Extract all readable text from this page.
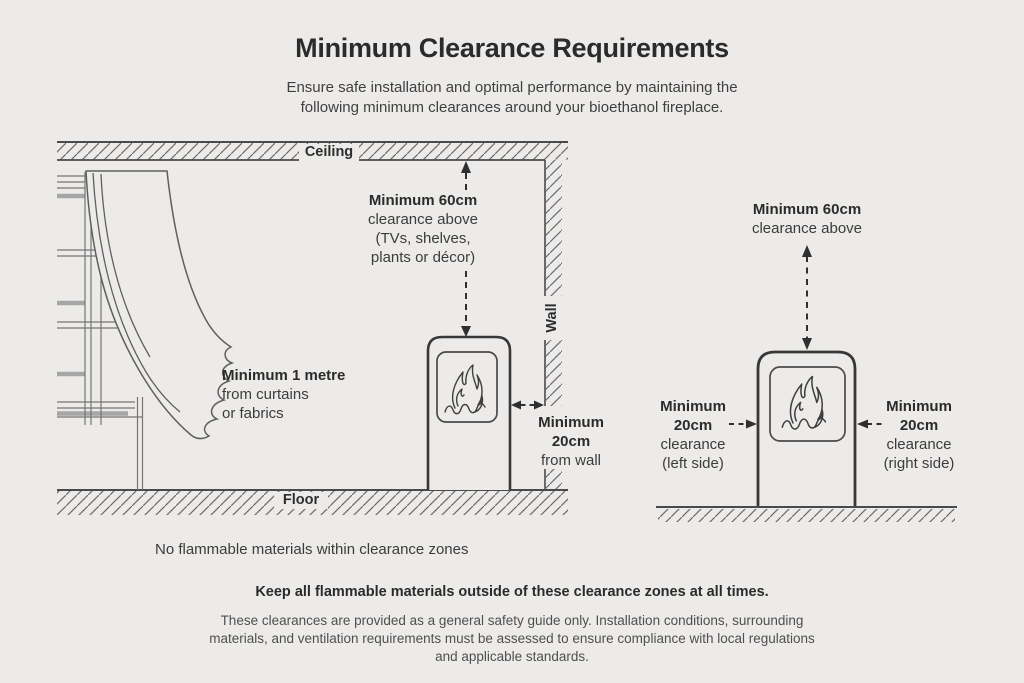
Minimum Clearance Requirements
Ensure safe installation and optimal performance by maintaining the
following minimum clearances around your bioethanol fireplace.
Ceiling
Wall
Floor
Minimum 60cm
clearance above
(TVs, shelves,
plants or décor)
Minimum 1 metre
from curtains
or fabrics
Minimum
20cm
from wall
Minimum 60cm
clearance above
Minimum
20cm
clearance
(left side)
Minimum
20cm
clearance
(right side)
No flammable materials within clearance zones
Keep all flammable materials outside of these clearance zones at all times.
These clearances are provided as a general safety guide only. Installation conditions, surrounding
materials, and ventilation requirements must be assessed to ensure compliance with local regulations
and applicable standards.
